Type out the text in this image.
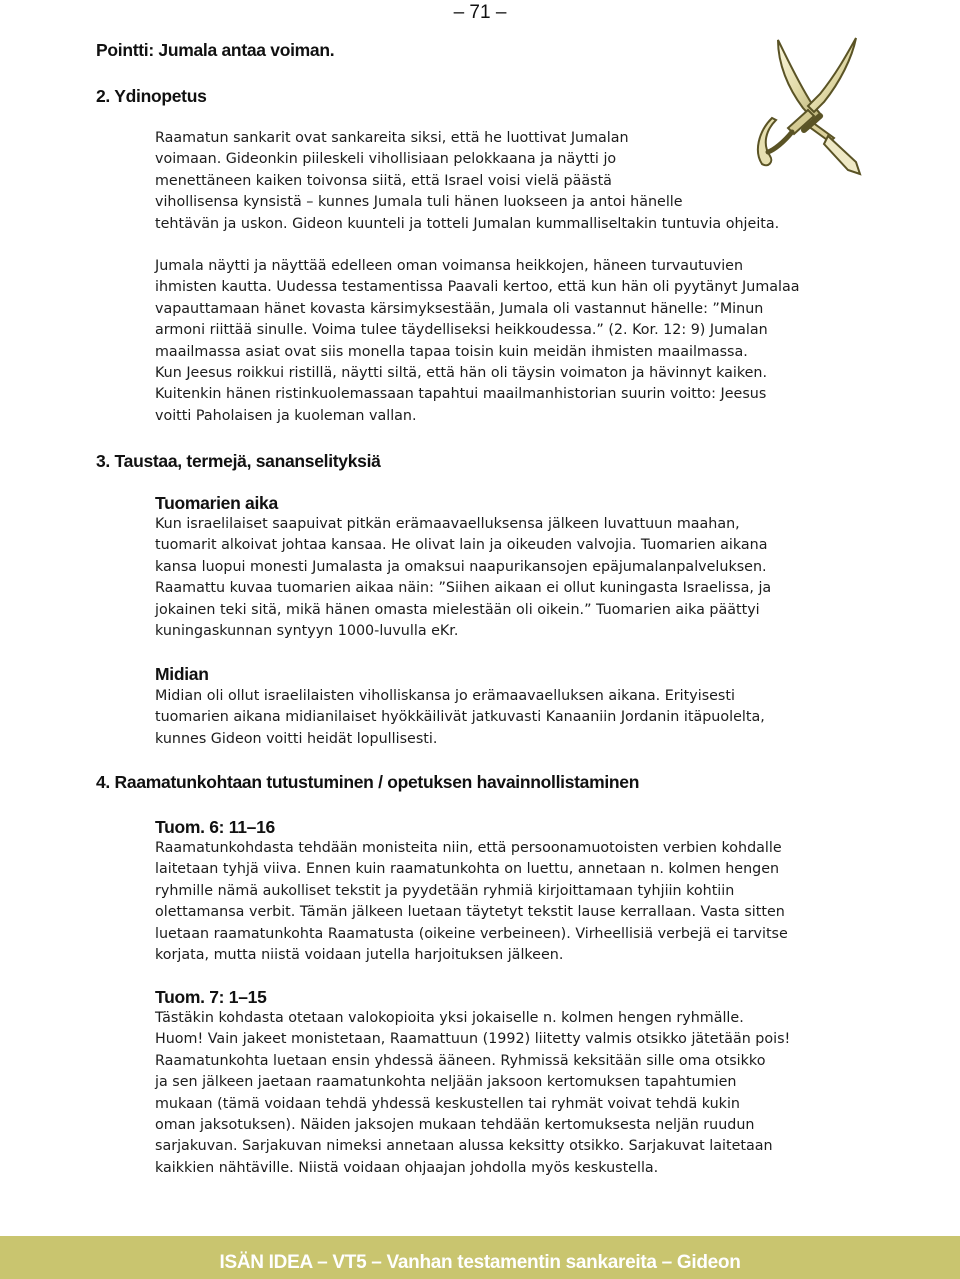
– 71 –
Pointti: Jumala antaa voiman.
2. Ydinopetus
Raamatun sankarit ovat sankareita siksi, että he luottivat Jumalan
voimaan. Gideonkin piileskeli vihollisiaan pelokkaana ja näytti jo
menettäneen kaiken toivonsa siitä, että Israel voisi vielä päästä
vihollisensa kynsistä – kunnes Jumala tuli hänen luokseen ja antoi hänelle
tehtävän ja uskon. Gideon kuunteli ja totteli Jumalan kummalliseltakin tuntuvia ohjeita.
Jumala näytti ja näyttää edelleen oman voimansa heikkojen, häneen turvautuvien
ihmisten kautta. Uudessa testamentissa Paavali kertoo, että kun hän oli pyytänyt Jumalaa
vapauttamaan hänet kovasta kärsimyksestään, Jumala oli vastannut hänelle: ”Minun
armoni riittää sinulle. Voima tulee täydelliseksi heikkoudessa.” (2. Kor. 12: 9) Jumalan
maailmassa asiat ovat siis monella tapaa toisin kuin meidän ihmisten maailmassa.
Kun Jeesus roikkui ristillä, näytti siltä, että hän oli täysin voimaton ja hävinnyt kaiken.
Kuitenkin hänen ristinkuolemassaan tapahtui maailmanhistorian suurin voitto: Jeesus
voitti Paholaisen ja kuoleman vallan.
3. Taustaa, termejä, sananselityksiä
Tuomarien aika
Kun israelilaiset saapuivat pitkän erämaavaelluksensa jälkeen luvattuun maahan,
tuomarit alkoivat johtaa kansaa. He olivat lain ja oikeuden valvojia. Tuomarien aikana
kansa luopui monesti Jumalasta ja omaksui naapurikansojen epäjumalanpalveluksen.
Raamattu kuvaa tuomarien aikaa näin: ”Siihen aikaan ei ollut kuningasta Israelissa, ja
jokainen teki sitä, mikä hänen omasta mielestään oli oikein.” Tuomarien aika päättyi
kuningaskunnan syntyyn 1000-luvulla eKr.
Midian
Midian oli ollut israelilaisten viholliskansa jo erämaavaelluksen aikana. Erityisesti
tuomarien aikana midianilaiset hyökkäilivät jatkuvasti Kanaaniin Jordanin itäpuolelta,
kunnes Gideon voitti heidät lopullisesti.
4. Raamatunkohtaan tutustuminen / opetuksen havainnollistaminen
Tuom. 6: 11–16
Raamatunkohdasta tehdään monisteita niin, että persoonamuotoisten verbien kohdalle
laitetaan tyhjä viiva. Ennen kuin raamatunkohta on luettu, annetaan n. kolmen hengen
ryhmille nämä aukolliset tekstit ja pyydetään ryhmiä kirjoittamaan tyhjiin kohtiin
olettamansa verbit. Tämän jälkeen luetaan täytetyt tekstit lause kerrallaan. Vasta sitten
luetaan raamatunkohta Raamatusta (oikeine verbeineen). Virheellisiä verbejä ei tarvitse
korjata, mutta niistä voidaan jutella harjoituksen jälkeen.
Tuom. 7: 1–15
Tästäkin kohdasta otetaan valokopioita yksi jokaiselle n. kolmen hengen ryhmälle.
Huom! Vain jakeet monistetaan, Raamattuun (1992) liitetty valmis otsikko jätetään pois!
Raamatunkohta luetaan ensin yhdessä ääneen. Ryhmissä keksitään sille oma otsikko
ja sen jälkeen jaetaan raamatunkohta neljään jaksoon kertomuksen tapahtumien
mukaan (tämä voidaan tehdä yhdessä keskustellen tai ryhmät voivat tehdä kukin
oman jaksotuksen). Näiden jaksojen mukaan tehdään kertomuksesta neljän ruudun
sarjakuvan. Sarjakuvan nimeksi annetaan alussa keksitty otsikko. Sarjakuvat laitetaan
kaikkien nähtäville. Niistä voidaan ohjaajan johdolla myös keskustella.
ISÄN IDEA – VT5 – Vanhan testamentin sankareita – Gideon
